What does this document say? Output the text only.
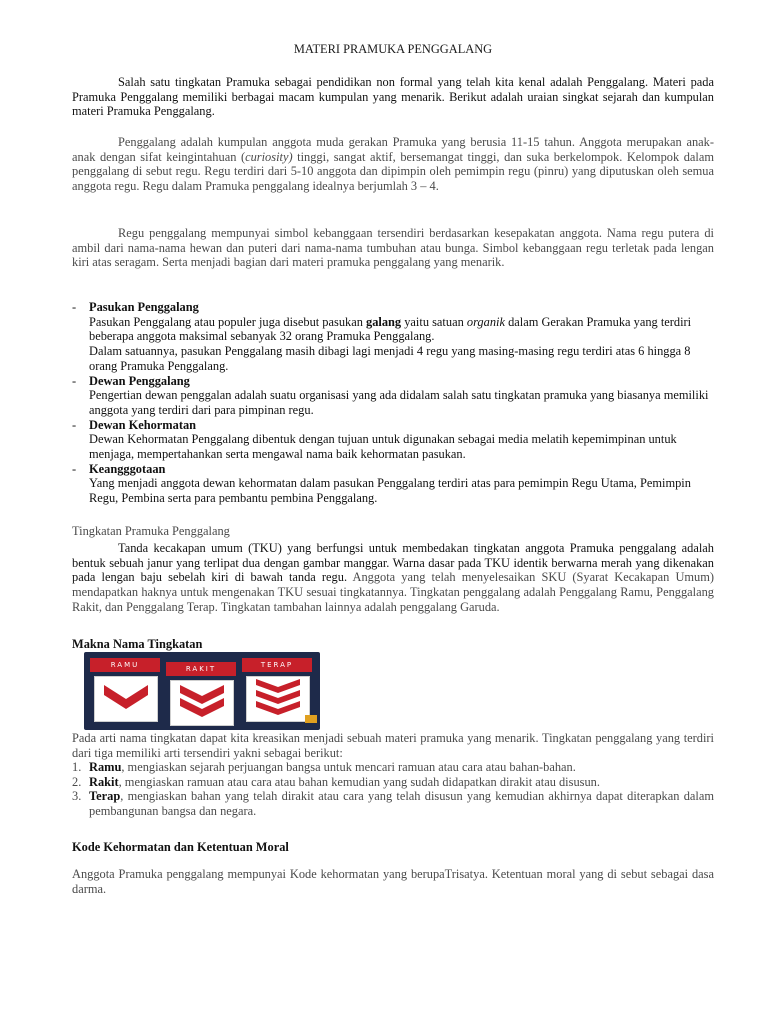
MATERI PRAMUKA PENGGALANG
Salah satu tingkatan Pramuka sebagai pendidikan non formal yang telah kita kenal adalah Penggalang. Materi pada Pramuka Penggalang memiliki berbagai macam kumpulan yang menarik. Berikut adalah uraian singkat sejarah dan kumpulan materi Pramuka Penggalang.
Penggalang adalah kumpulan anggota muda gerakan Pramuka yang berusia 11-15 tahun. Anggota merupakan anak-anak dengan sifat keingintahuan (curiosity) tinggi, sangat aktif, bersemangat tinggi, dan suka berkelompok. Kelompok dalam penggalang di sebut regu. Regu terdiri dari 5-10 anggota dan dipimpin oleh pemimpin regu (pinru) yang diputuskan oleh semua anggota regu. Regu dalam Pramuka penggalang idealnya berjumlah 3 – 4.
Regu penggalang mempunyai simbol kebanggaan tersendiri berdasarkan kesepakatan anggota. Nama regu putera di ambil dari nama-nama hewan dan puteri dari nama-nama tumbuhan atau bunga. Simbol kebanggaan regu terletak pada lengan kiri atas seragam. Serta menjadi bagian dari materi pramuka penggalang yang menarik.
- Pasukan Penggalang
Pasukan Penggalang atau populer juga disebut pasukan galang yaitu satuan organik dalam Gerakan Pramuka yang terdiri beberapa anggota maksimal sebanyak 32 orang Pramuka Penggalang.
Dalam satuannya, pasukan Penggalang masih dibagi lagi menjadi 4 regu yang masing-masing regu terdiri atas 6 hingga 8 orang Pramuka Penggalang.
- Dewan Penggalang
Pengertian dewan penggalan adalah suatu organisasi yang ada didalam salah satu tingkatan pramuka yang biasanya memiliki anggota yang terdiri dari para pimpinan regu.
- Dewan Kehormatan
Dewan Kehormatan Penggalang dibentuk dengan tujuan untuk digunakan sebagai media melatih kepemimpinan untuk menjaga, mempertahankan serta mengawal nama baik kehormatan pasukan.
- Keangggotaan
Yang menjadi anggota dewan kehormatan dalam pasukan Penggalang terdiri atas para pemimpin Regu Utama, Pemimpin Regu, Pembina serta para pembantu pembina Penggalang.
Tingkatan Pramuka Penggalang
Tanda kecakapan umum (TKU) yang berfungsi untuk membedakan tingkatan anggota Pramuka penggalang adalah bentuk sebuah janur yang terlipat dua dengan gambar manggar. Warna dasar pada TKU identik berwarna merah yang dikenakan pada lengan baju sebelah kiri di bawah tanda regu. Anggota yang telah menyelesaikan SKU (Syarat Kecakapan Umum) mendapatkan haknya untuk mengenakan TKU sesuai tingkatannya. Tingkatan penggalang adalah Penggalang Ramu, Penggalang Rakit, dan Penggalang Terap. Tingkatan tambahan lainnya adalah penggalang Garuda.
Makna Nama Tingkatan
Pada arti nama tingkatan dapat kita kreasikan menjadi sebuah materi pramuka yang menarik. Tingkatan penggalang yang terdiri dari tiga memiliki arti tersendiri yakni sebagai berikut:
1. Ramu, mengiaskan sejarah perjuangan bangsa untuk mencari ramuan atau cara atau bahan-bahan.
2. Rakit, mengiaskan ramuan atau cara atau bahan kemudian yang sudah didapatkan dirakit atau disusun.
3. Terap, mengiaskan bahan yang telah dirakit atau cara yang telah disusun yang kemudian akhirnya dapat diterapkan dalam pembangunan bangsa dan negara.
Kode Kehormatan dan Ketentuan Moral
Anggota Pramuka penggalang mempunyai Kode kehormatan yang berupaTrisatya. Ketentuan moral yang di sebut sebagai dasa darma.
RAMU	RAKIT	TERAP
